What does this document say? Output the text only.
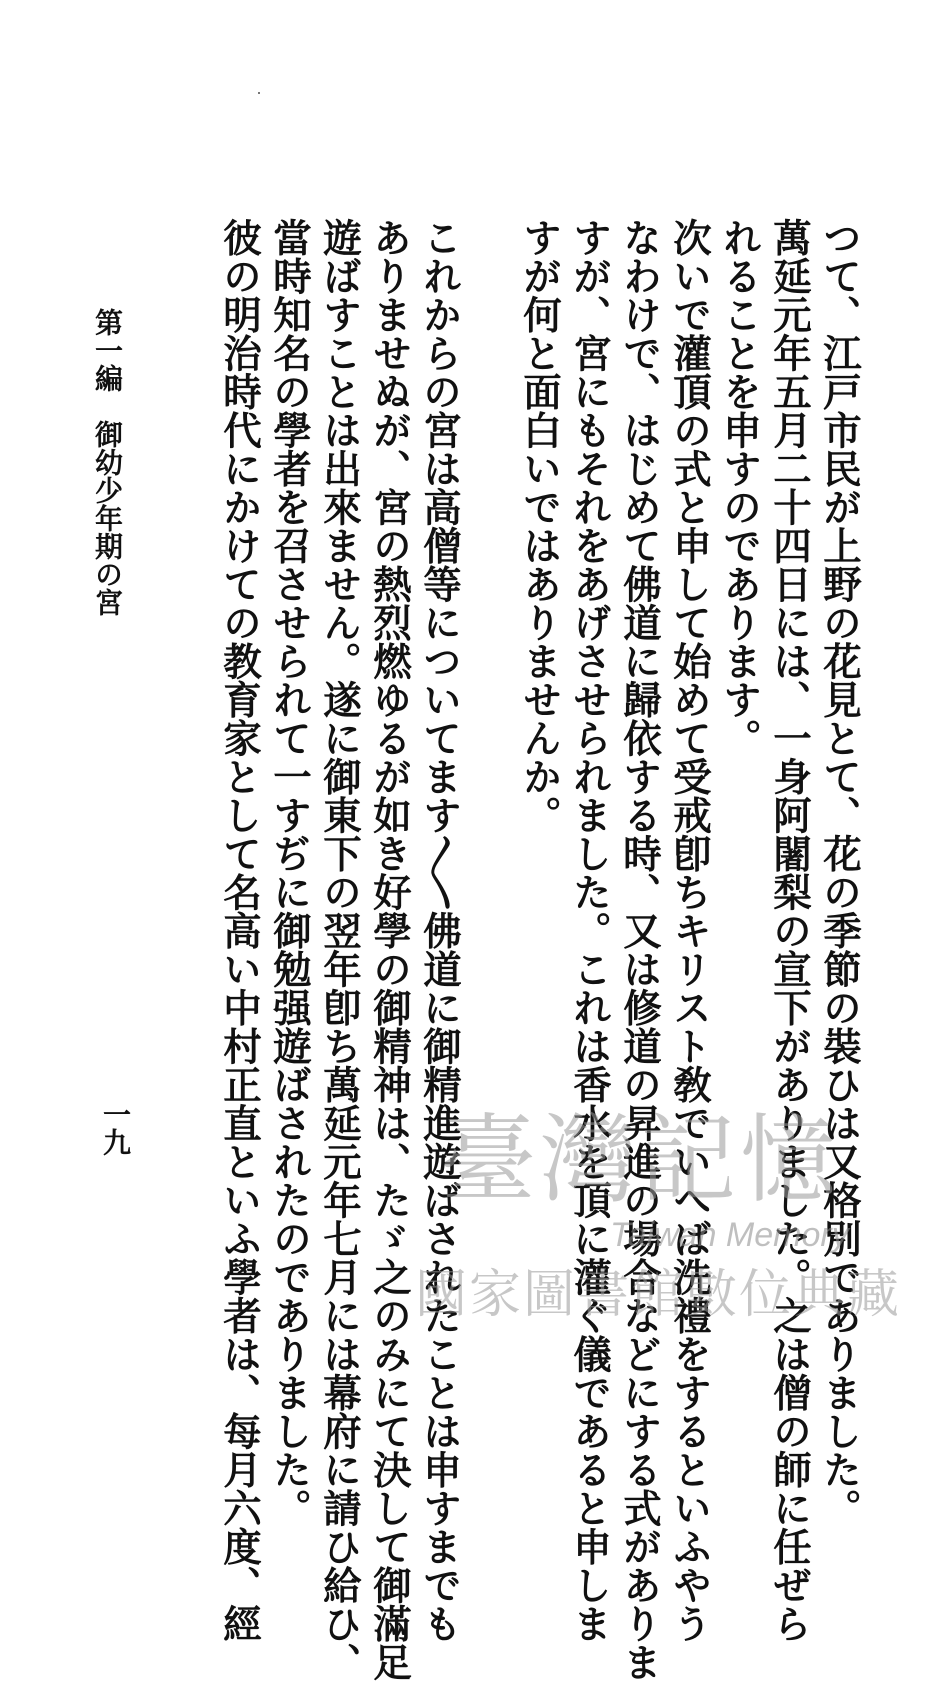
つて、江戸市民が上野の花見とて、花の季節の裝ひは又格別でありました。
萬延元年五月二十四日には、一身阿闍梨の宣下がありました。之は僧の師に任ぜら
れることを申すのであります。
次いで灌頂の式と申して始めて受戒卽ちキリスト敎でいへば洗禮をするといふやう
なわけで、はじめて佛道に歸依する時、又は修道の昇進の場合などにする式がありま
すが、宮にもそれをあげさせられました。これは香水を頂に灌ぐ儀であると申しま
すが何と面白いではありませんか。
これからの宮は高僧等についてます〳〵佛道に御精進遊ばされたことは申すまでも
ありませぬが、宮の熱烈燃ゆるが如き好學の御精神は、たゞ之のみにて決して御滿足
遊ばすことは出來ません。遂に御東下の翌年卽ち萬延元年七月には幕府に請ひ給ひ、
當時知名の學者を召させられて一すぢに御勉强遊ばされたのでありました。
彼の明治時代にかけての教育家として名高い中村正直といふ學者は、每月六度、經
第一編　御幼少年期の宮
一九	臺灣記憶
Taiwan Memory
國家圖書館數位典藏
